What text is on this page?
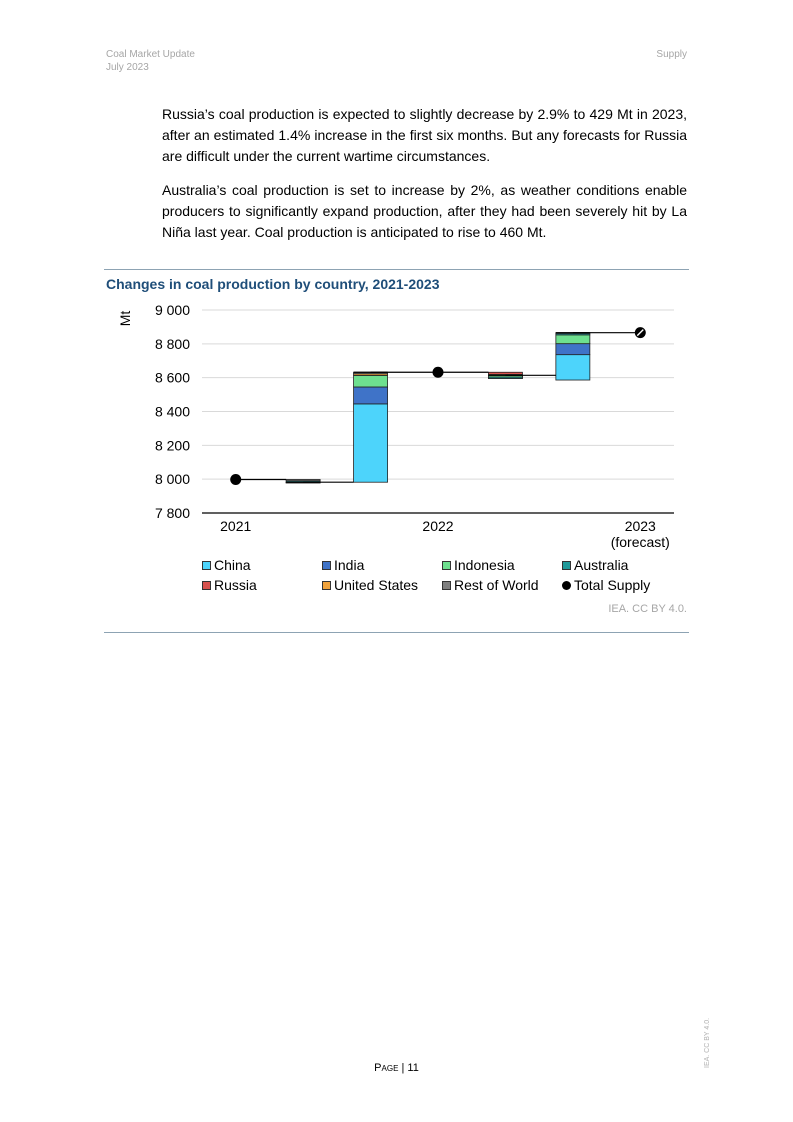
Coal Market Update
July 2023
Supply

Russia’s coal production is expected to slightly decrease by 2.9% to 429 Mt in 2023, after an estimated 1.4% increase in the first six months. But any forecasts for Russia are difficult under the current wartime circumstances.

Australia’s coal production is set to increase by 2%, as weather conditions enable producers to significantly expand production, after they had been severely hit by La Niña last year. Coal production is anticipated to rise to 460 Mt.

Changes in coal production by country, 2021-2023
7 800
8 000
8 200
8 400
8 600
8 800
9 000
Mt
2021	2022	2023
(forecast)
China	India	Indonesia	Australia
Russia	United States	Rest of World	Total Supply
IEA. CC BY 4.0.
Page | 11	IEA. CC BY 4.0.
